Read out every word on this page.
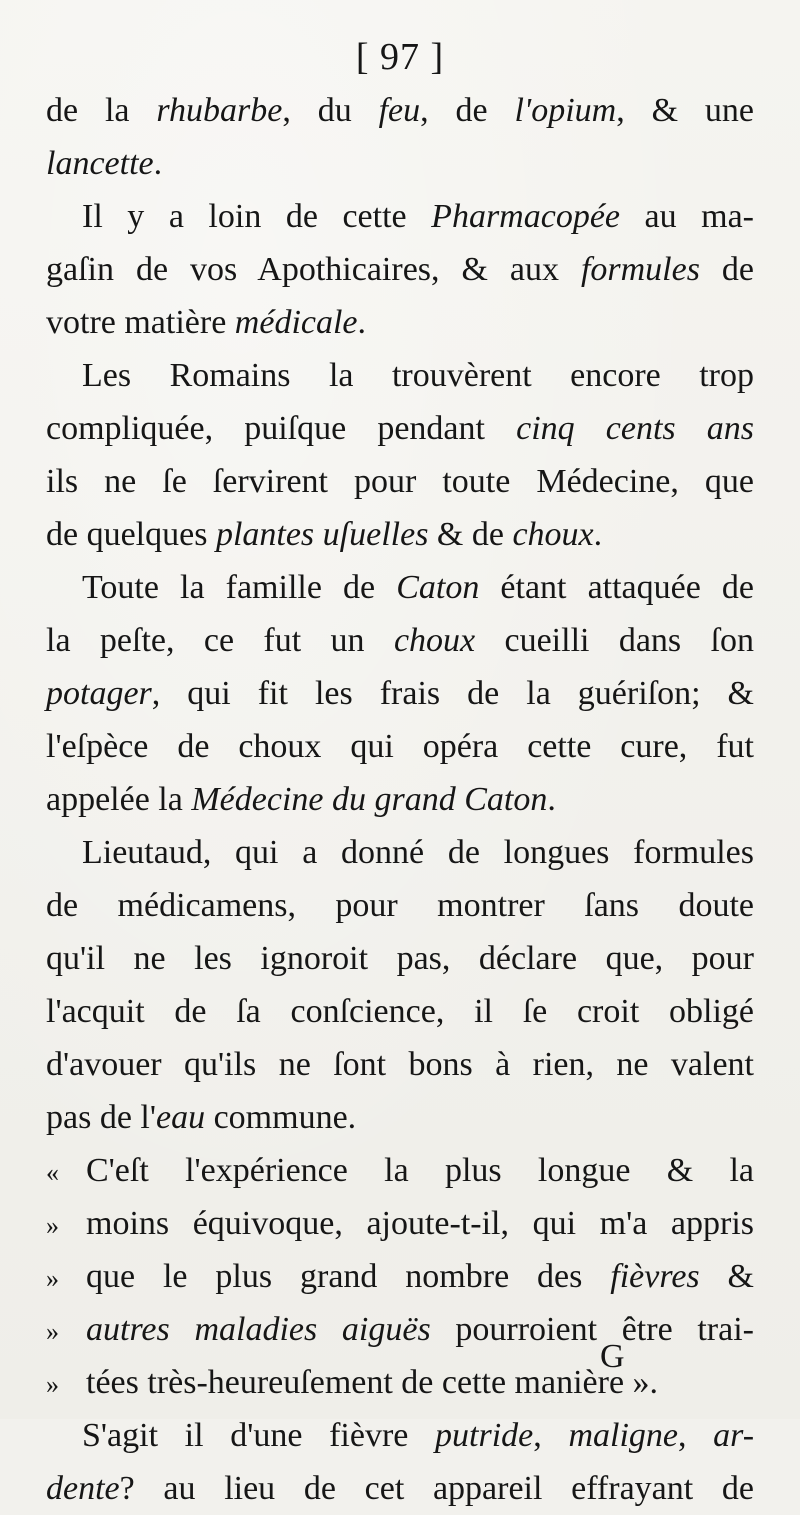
[ 97 ]
de la rhubarbe, du feu, de l'opium, & une
lancette.
Il y a loin de cette Pharmacopée au ma-
gaſin de vos Apothicaires, & aux formules de
votre matière médicale.
Les Romains la trouvèrent encore trop
compliquée, puiſque pendant cinq cents ans
ils ne ſe ſervirent pour toute Médecine, que
de quelques plantes uſuelles & de choux.
Toute la famille de Caton étant attaquée de
la peſte, ce fut un choux cueilli dans ſon
potager, qui fit les frais de la guériſon; &
l'eſpèce de choux qui opéra cette cure, fut
appelée la Médecine du grand Caton.
Lieutaud, qui a donné de longues formules
de médicamens, pour montrer ſans doute
qu'il ne les ignoroit pas, déclare que, pour
l'acquit de ſa conſcience, il ſe croit obligé
d'avouer qu'ils ne ſont bons à rien, ne valent
pas de l'eau commune.
« C'eſt l'expérience la plus longue & la
» moins équivoque, ajoute-t-il, qui m'a appris
» que le plus grand nombre des fièvres &
» autres maladies aiguës pourroient être trai-
» tées très-heureuſement de cette manière ».
S'agit il d'une fièvre putride, maligne, ar-
dente? au lieu de cet appareil effrayant de
G
